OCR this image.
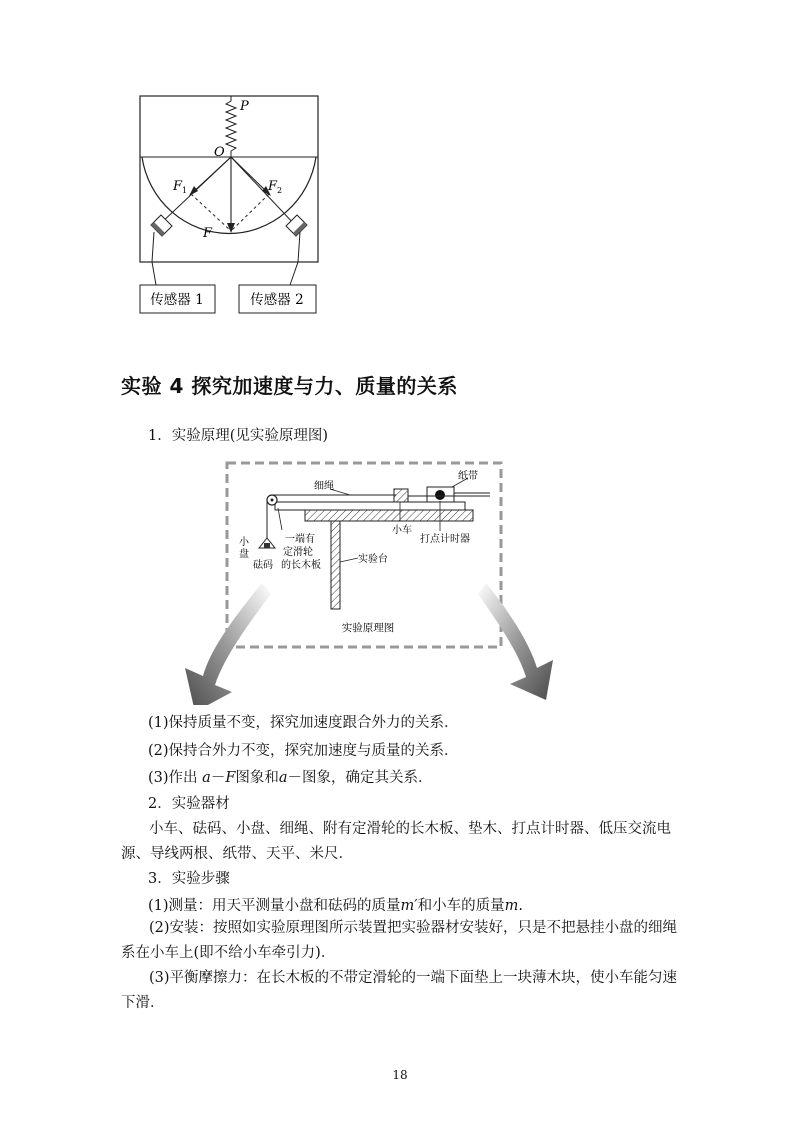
P
O
$F_1$	$F_2$
F
传感器 1	传感器 2
实验 4 探究加速度与力、质量的关系
1．实验原理(见实验原理图)
细绳
纸带
小
盘
一端有
定滑轮
的长木板
砝码
小车
打点计时器
实验台
实验原理图
(1)保持质量不变，探究加速度跟合外力的关系．
(2)保持合外力不变，探究加速度与质量的关系．
(3)作出 a－F图象和a－图象，确定其关系．
2．实验器材
小车、砝码、小盘、细绳、附有定滑轮的长木板、垫木、打点计时器、低压交流电源、导线两根、纸带、天平、米尺．
3．实验步骤
(1)测量：用天平测量小盘和砝码的质量m′和小车的质量m.
(2)安装：按照如实验原理图所示装置把实验器材安装好，只是不把悬挂小盘的细绳系在小车上(即不给小车牵引力)．
(3)平衡摩擦力：在长木板的不带定滑轮的一端下面垫上一块薄木块，使小车能匀速下滑．
18
